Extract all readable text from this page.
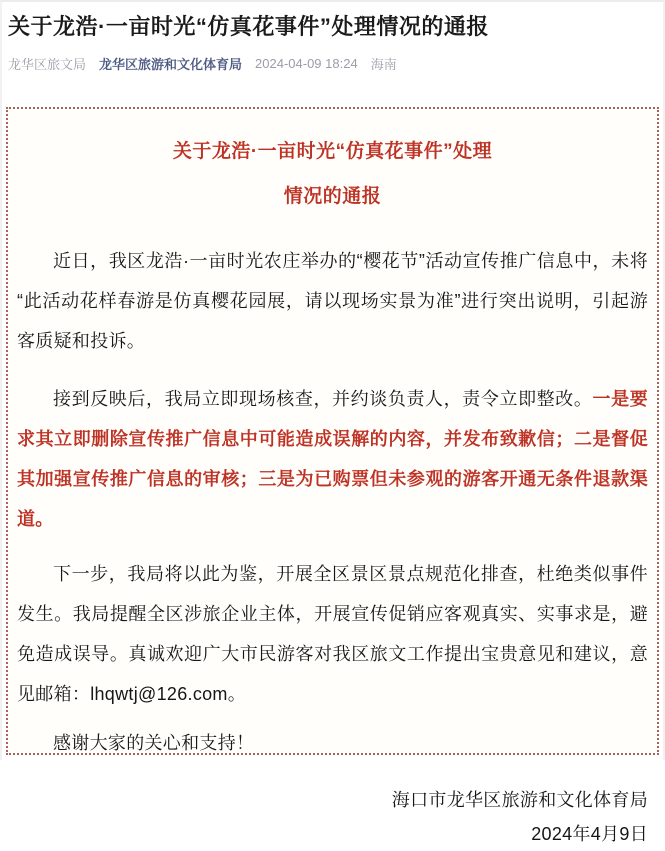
关于龙浩·一亩时光“仿真花事件”处理情况的通报
龙华区旅文局 龙华区旅游和文化体育局 2024-04-09 18:24 海南
关于龙浩·一亩时光“仿真花事件”处理
情况的通报

近日，我区龙浩·一亩时光农庄举办的“樱花节”活动宣传推广信息中，未将“此活动花样春游是仿真樱花园展，请以现场实景为准”进行突出说明，引起游客质疑和投诉。

接到反映后，我局立即现场核查，并约谈负责人，责令立即整改。一是要求其立即删除宣传推广信息中可能造成误解的内容，并发布致歉信；二是督促其加强宣传推广信息的审核；三是为已购票但未参观的游客开通无条件退款渠道。

下一步，我局将以此为鉴，开展全区景区景点规范化排查，杜绝类似事件发生。我局提醒全区涉旅企业主体，开展宣传促销应客观真实、实事求是，避免造成误导。真诚欢迎广大市民游客对我区旅文工作提出宝贵意见和建议，意见邮箱：lhqwtj@126.com。

感谢大家的关心和支持！

海口市龙华区旅游和文化体育局
2024年4月9日
